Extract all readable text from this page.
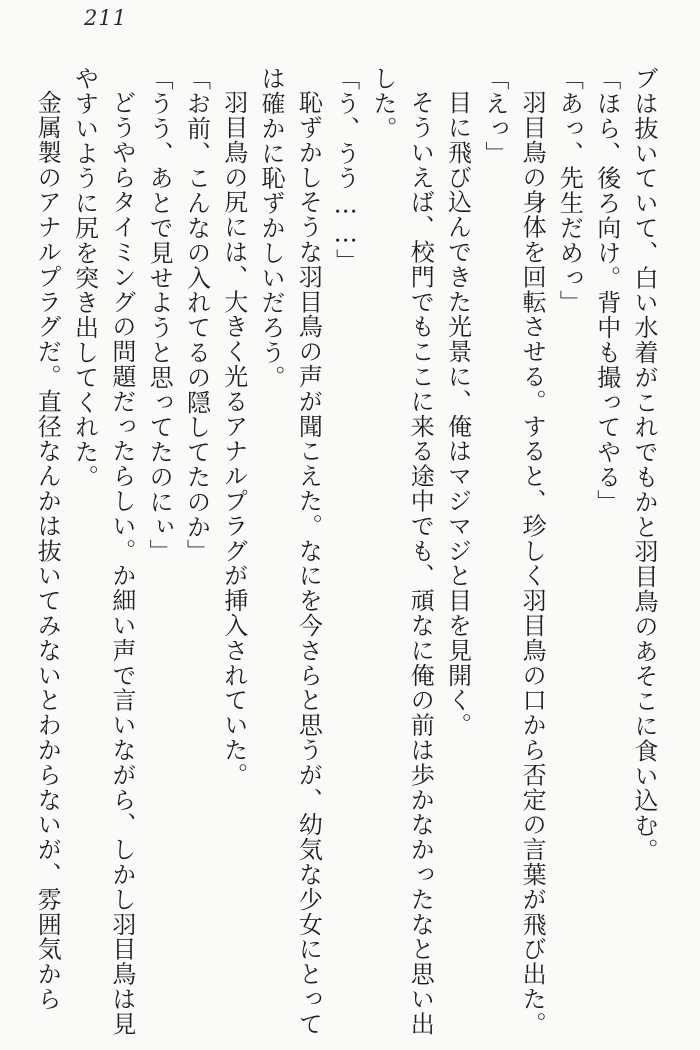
211

ブは抜いていて、白い水着がこれでもかと羽目鳥のあそこに食い込む。

「ほら、後ろ向け。背中も撮ってやる」

「あっ、先生だめっ」

羽目鳥の身体を回転させる。すると、珍しく羽目鳥の口から否定の言葉が飛び出た。

「えっ」

目に飛び込んできた光景に、俺はマジマジと目を見開く。

そういえば、校門でもここに来る途中でも、頑なに俺の前は歩かなかったなと思い出した。

「う、うう……」

恥ずかしそうな羽目鳥の声が聞こえた。なにを今さらと思うが、幼気な少女にとっては確かに恥ずかしいだろう。

羽目鳥の尻には、大きく光るアナルプラグが挿入されていた。

「お前、こんなの入れてるの隠してたのか」

「うう、あとで見せようと思ってたのにぃ」

どうやらタイミングの問題だったらしい。か細い声で言いながら、しかし羽目鳥は見やすいように尻を突き出してくれた。

金属製のアナルプラグだ。直径なんかは抜いてみないとわからないが、雰囲気から
